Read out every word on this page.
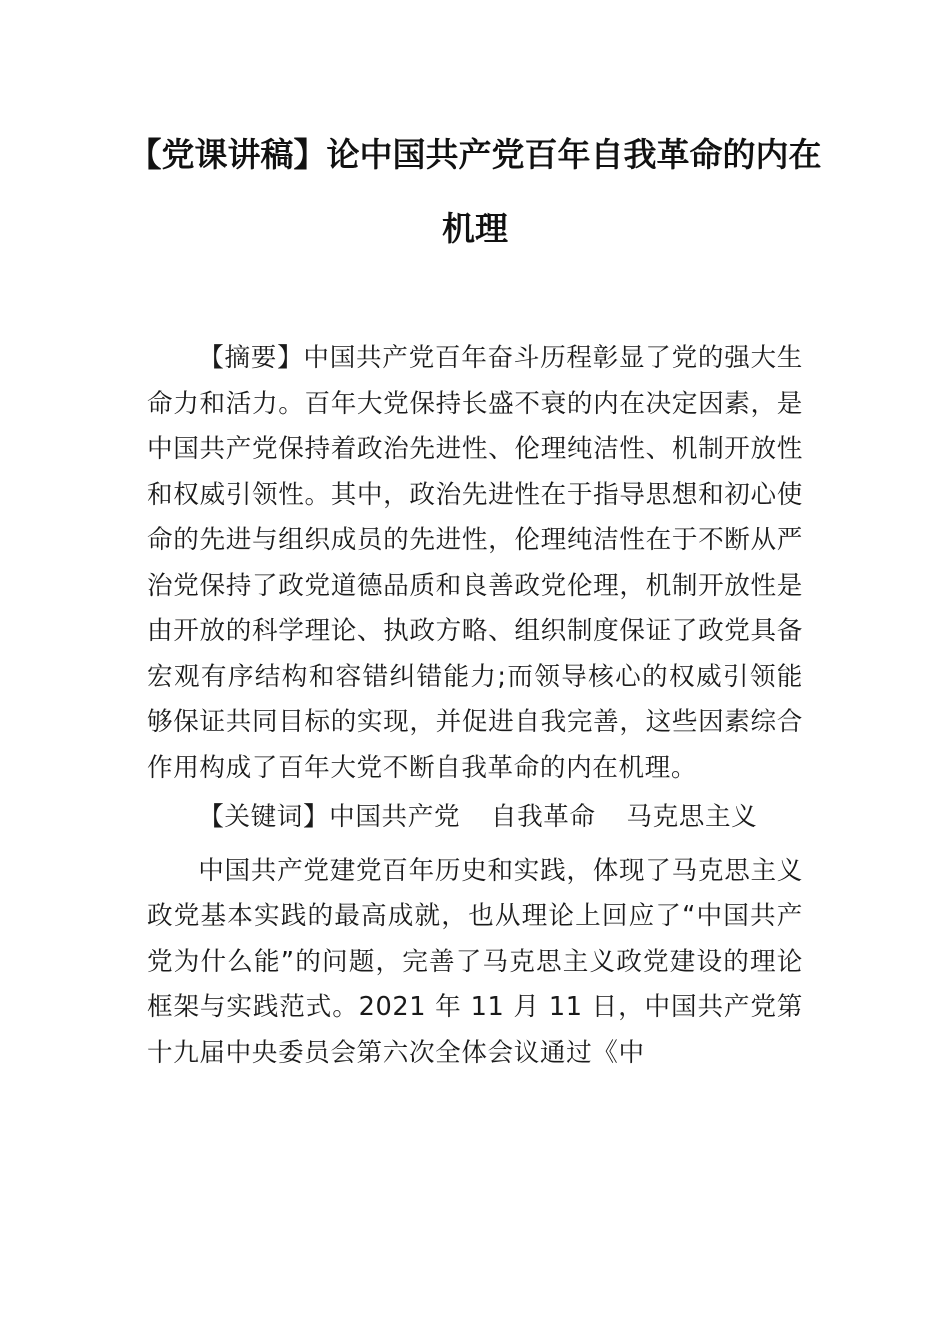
【党课讲稿】论中国共产党百年自我革命的内在机理

【摘要】中国共产党百年奋斗历程彰显了党的强大生命力和活力。百年大党保持长盛不衰的内在决定因素，是中国共产党保持着政治先进性、伦理纯洁性、机制开放性和权威引领性。其中，政治先进性在于指导思想和初心使命的先进与组织成员的先进性，伦理纯洁性在于不断从严治党保持了政党道德品质和良善政党伦理，机制开放性是由开放的科学理论、执政方略、组织制度保证了政党具备宏观有序结构和容错纠错能力;而领导核心的权威引领能够保证共同目标的实现，并促进自我完善，这些因素综合作用构成了百年大党不断自我革命的内在机理。

【关键词】中国共产党 自我革命 马克思主义

中国共产党建党百年历史和实践，体现了马克思主义政党基本实践的最高成就，也从理论上回应了“中国共产党为什么能”的问题，完善了马克思主义政党建设的理论框架与实践范式。2021 年 11 月 11 日，中国共产党第十九届中央委员会第六次全体会议通过《中
